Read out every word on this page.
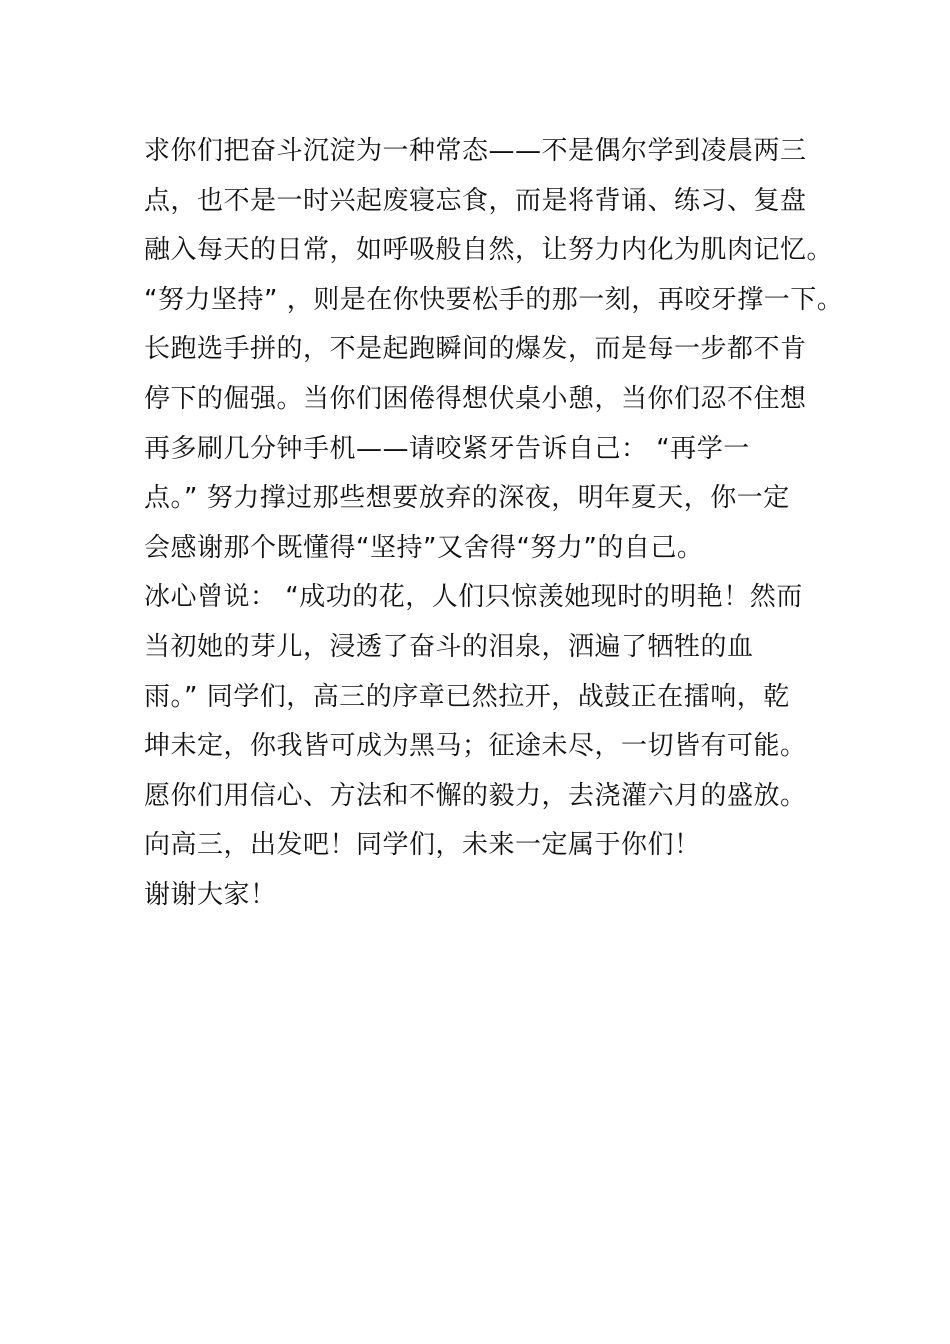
求你们把奋斗沉淀为一种常态——不是偶尔学到凌晨两三
点，也不是一时兴起废寝忘食，而是将背诵、练习、复盘
融入每天的日常，如呼吸般自然，让努力内化为肌肉记忆。
“努力坚持” ，则是在你快要松手的那一刻，再咬牙撑一下。
长跑选手拼的，不是起跑瞬间的爆发，而是每一步都不肯
停下的倔强。当你们困倦得想伏桌小憩，当你们忍不住想
再多刷几分钟手机——请咬紧牙告诉自己： “再学一
点。” 努力撑过那些想要放弃的深夜，明年夏天，你一定
会感谢那个既懂得“坚持”又舍得“努力”的自己。
冰心曾说： “成功的花，人们只惊羡她现时的明艳！然而
当初她的芽儿，浸透了奋斗的泪泉，洒遍了牺牲的血
雨。” 同学们，高三的序章已然拉开，战鼓正在擂响，乾
坤未定，你我皆可成为黑马；征途未尽，一切皆有可能。
愿你们用信心、方法和不懈的毅力，去浇灌六月的盛放。
向高三，出发吧！同学们，未来一定属于你们！
谢谢大家！
